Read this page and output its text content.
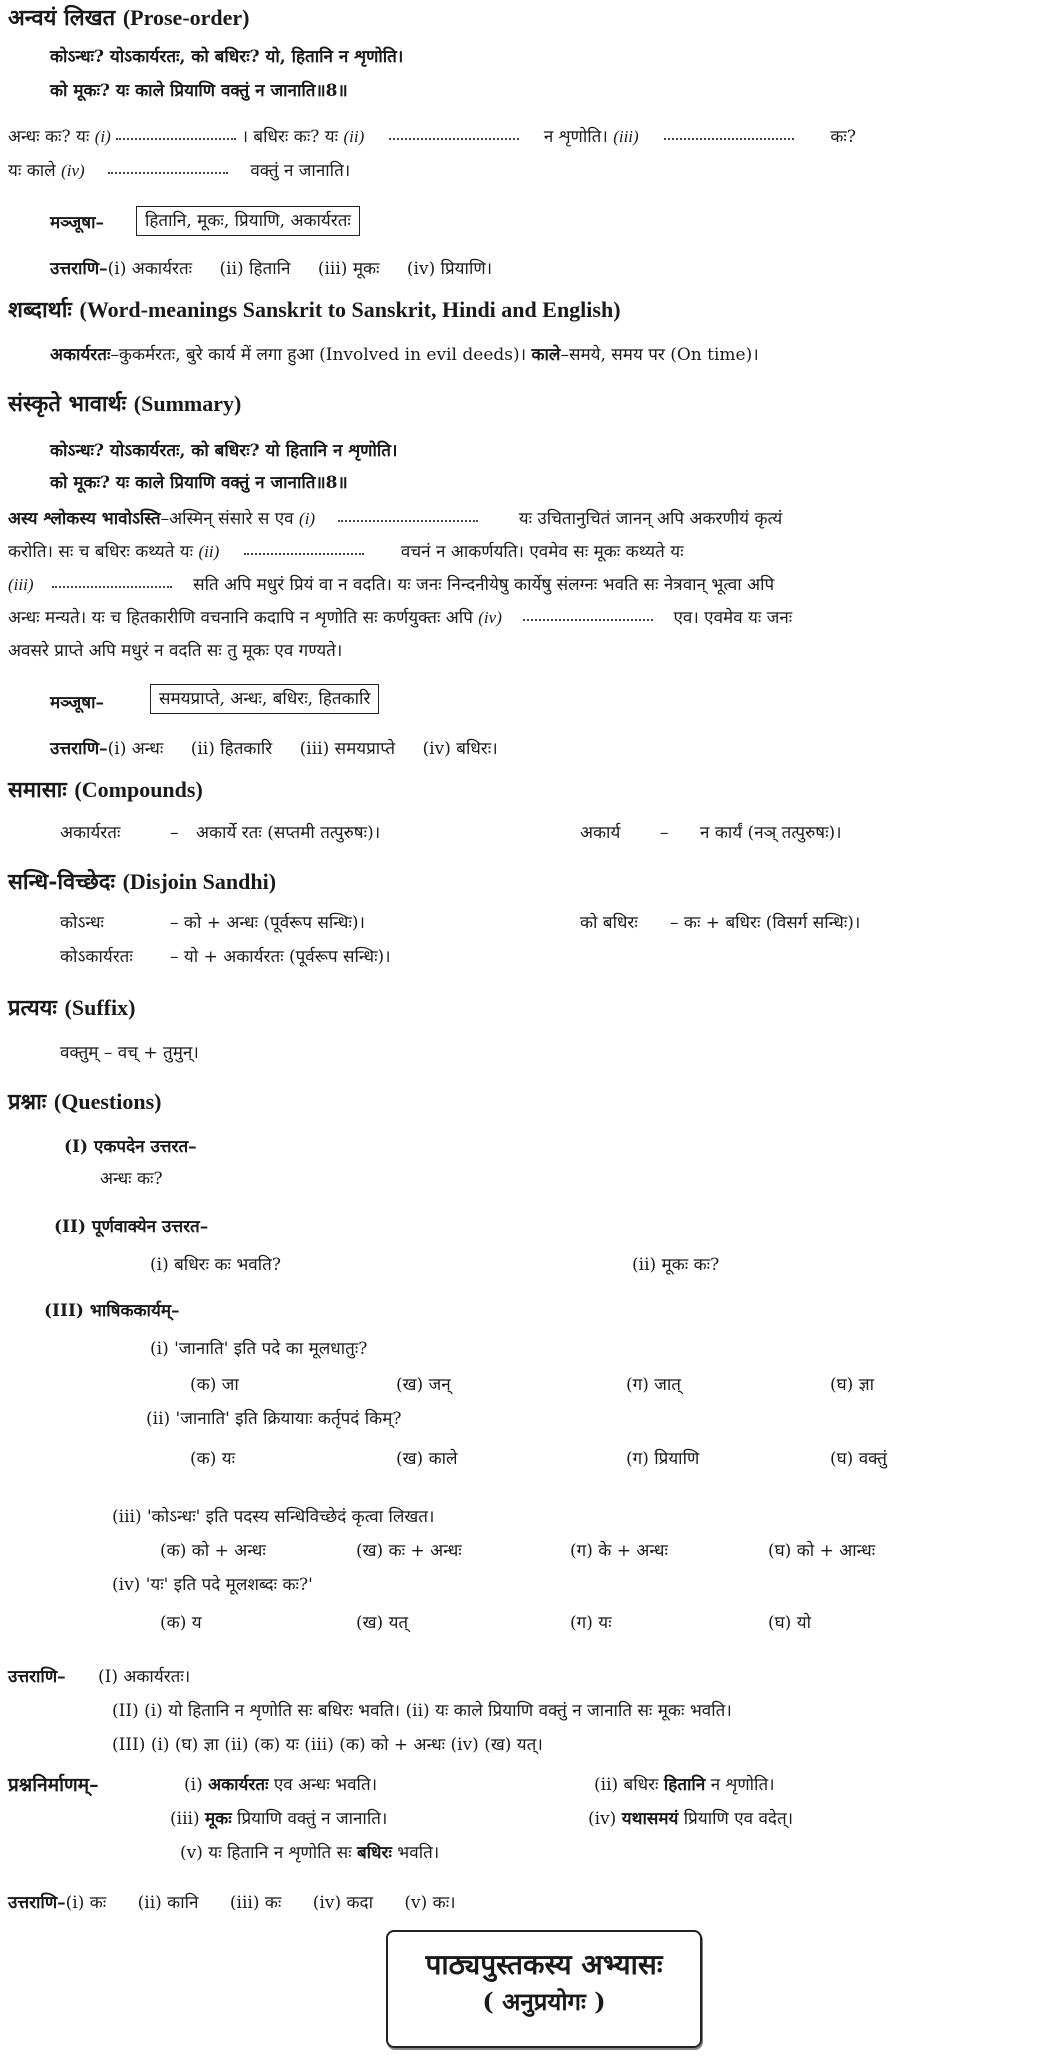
अन्वयं लिखत (Prose-order)
कोऽन्धः? योऽकार्यरतः, को बधिरः? यो, हितानि न शृणोति।
को मूकः? यः काले प्रियाणि वक्तुं न जानाति॥8॥
अन्धः कः? यः (i)	। बधिरः कः? यः (ii)	न शृणोति। (iii)	कः?
यः काले (iv)	वक्तुं न जानाति।
मञ्जूषा–	हितानि, मूकः, प्रियाणि, अकार्यरतः
उत्तराणि–(i) अकार्यरतः (ii) हितानि (iii) मूकः (iv) प्रियाणि।
शब्दार्थाः (Word-meanings Sanskrit to Sanskrit, Hindi and English)
अकार्यरतः–कुकर्मरतः, बुरे कार्य में लगा हुआ (Involved in evil deeds)। काले–समये, समय पर (On time)।
संस्कृते भावार्थः (Summary)
कोऽन्धः? योऽकार्यरतः, को बधिरः? यो हितानि न शृणोति।
को मूकः? यः काले प्रियाणि वक्तुं न जानाति॥8॥
अस्य श्लोकस्य भावोऽस्ति–अस्मिन् संसारे स एव (i)	यः उचितानुचितं जानन् अपि अकरणीयं कृत्यं
करोति। सः च बधिरः कथ्यते यः (ii)	वचनं न आकर्णयति। एवमेव सः मूकः कथ्यते यः
(iii)	सति अपि मधुरं प्रियं वा न वदति। यः जनः निन्दनीयेषु कार्येषु संलग्नः भवति सः नेत्रवान् भूत्वा अपि
अन्धः मन्यते। यः च हितकारीणि वचनानि कदापि न शृणोति सः कर्णयुक्तः अपि (iv)	एव। एवमेव यः जनः
अवसरे प्राप्ते अपि मधुरं न वदति सः तु मूकः एव गण्यते।
मञ्जूषा–	समयप्राप्ते, अन्धः, बधिरः, हितकारि
उत्तराणि–(i) अन्धः (ii) हितकारि (iii) समयप्राप्ते (iv) बधिरः।
समासाः (Compounds)
अकार्यरतः	– अकार्ये रतः (सप्तमी तत्पुरुषः)।	अकार्य – न कार्यं (नञ् तत्पुरुषः)।
सन्धि-विच्छेदः (Disjoin Sandhi)
कोऽन्धः	– को + अन्धः (पूर्वरूप सन्धिः)।	को बधिरः – कः + बधिरः (विसर्ग सन्धिः)।
कोऽकार्यरतः – यो + अकार्यरतः (पूर्वरूप सन्धिः)।
प्रत्ययः (Suffix)
वक्तुम् – वच् + तुमुन्।
प्रश्नाः (Questions)
(I) एकपदेन उत्तरत–
अन्धः कः?
(II) पूर्णवाक्येन उत्तरत–
(i) बधिरः कः भवति?	(ii) मूकः कः?
(III) भाषिककार्यम्–
(i) 'जानाति' इति पदे का मूलधातुः?
(क) जा	(ख) जन्	(ग) जात्	(घ) ज्ञा
(ii) 'जानाति' इति क्रियायाः कर्तृपदं किम्?
(क) यः	(ख) काले	(ग) प्रियाणि	(घ) वक्तुं
(iii) 'कोऽन्धः' इति पदस्य सन्धिविच्छेदं कृत्वा लिखत।
(क) को + अन्धः	(ख) कः + अन्धः	(ग) के + अन्धः	(घ) को + आन्धः
(iv) 'यः' इति पदे मूलशब्दः कः?'
(क) य	(ख) यत्	(ग) यः	(घ) यो
उत्तराणि– (I) अकार्यरतः।
(II) (i) यो हितानि न शृणोति सः बधिरः भवति। (ii) यः काले प्रियाणि वक्तुं न जानाति सः मूकः भवति।
(III) (i) (घ) ज्ञा (ii) (क) यः (iii) (क) को + अन्धः (iv) (ख) यत्।
प्रश्ननिर्माणम्–	(i) अकार्यरतः एव अन्धः भवति।	(ii) बधिरः हितानि न शृणोति।
(iii) मूकः प्रियाणि वक्तुं न जानाति।	(iv) यथासमयं प्रियाणि एव वदेत्।
(v) यः हितानि न शृणोति सः बधिरः भवति।
उत्तराणि–(i) कः (ii) कानि (iii) कः (iv) कदा (v) कः।
पाठ्यपुस्तकस्य अभ्यासः
( अनुप्रयोगः )
